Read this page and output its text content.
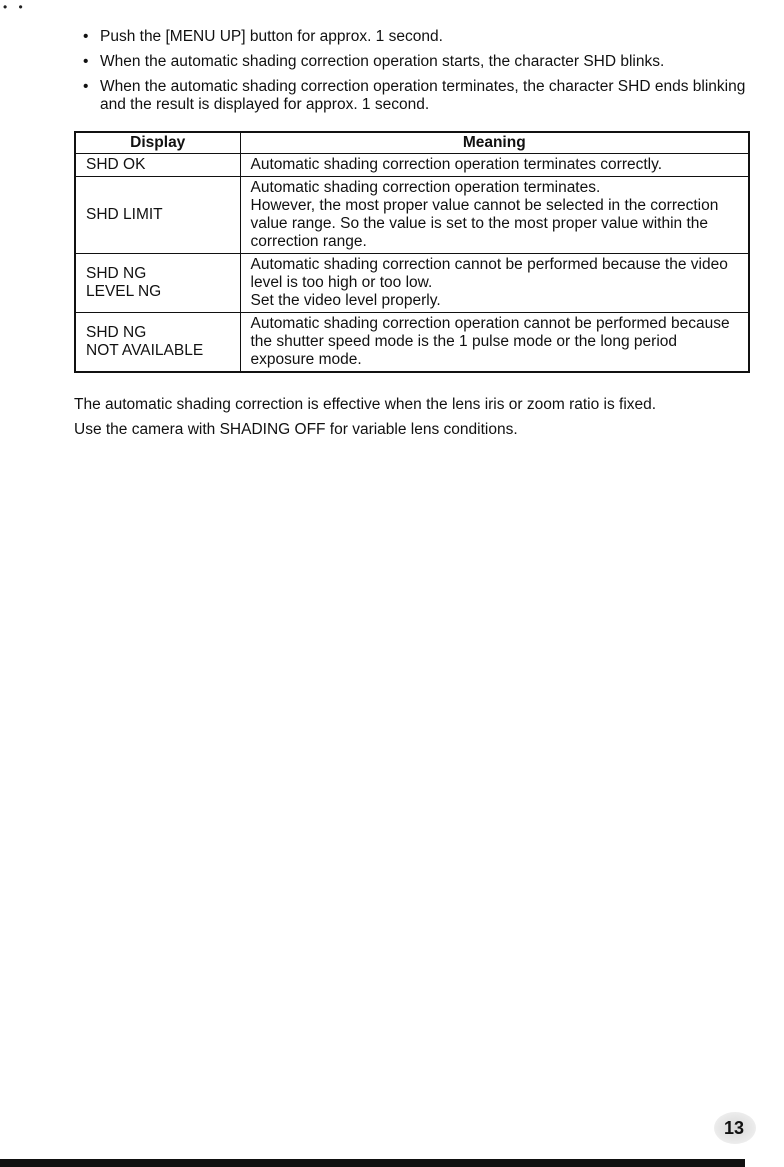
• •
• Push the [MENU UP] button for approx. 1 second.
• When the automatic shading correction operation starts, the character SHD blinks.
• When the automatic shading correction operation terminates, the character SHD ends blinking and the result is displayed for approx. 1 second.
Display	Meaning
SHD OK	Automatic shading correction operation terminates correctly.
SHD LIMIT	Automatic shading correction operation terminates.
However, the most proper value cannot be selected in the correction value range. So the value is set to the most proper value within the correction range.
SHD NG
LEVEL NG	Automatic shading correction cannot be performed because the video level is too high or too low.
Set the video level properly.
SHD NG
NOT AVAILABLE	Automatic shading correction operation cannot be performed because the shutter speed mode is the 1 pulse mode or the long period exposure mode.

The automatic shading correction is effective when the lens iris or zoom ratio is fixed.
Use the camera with SHADING OFF for variable lens conditions.

13
